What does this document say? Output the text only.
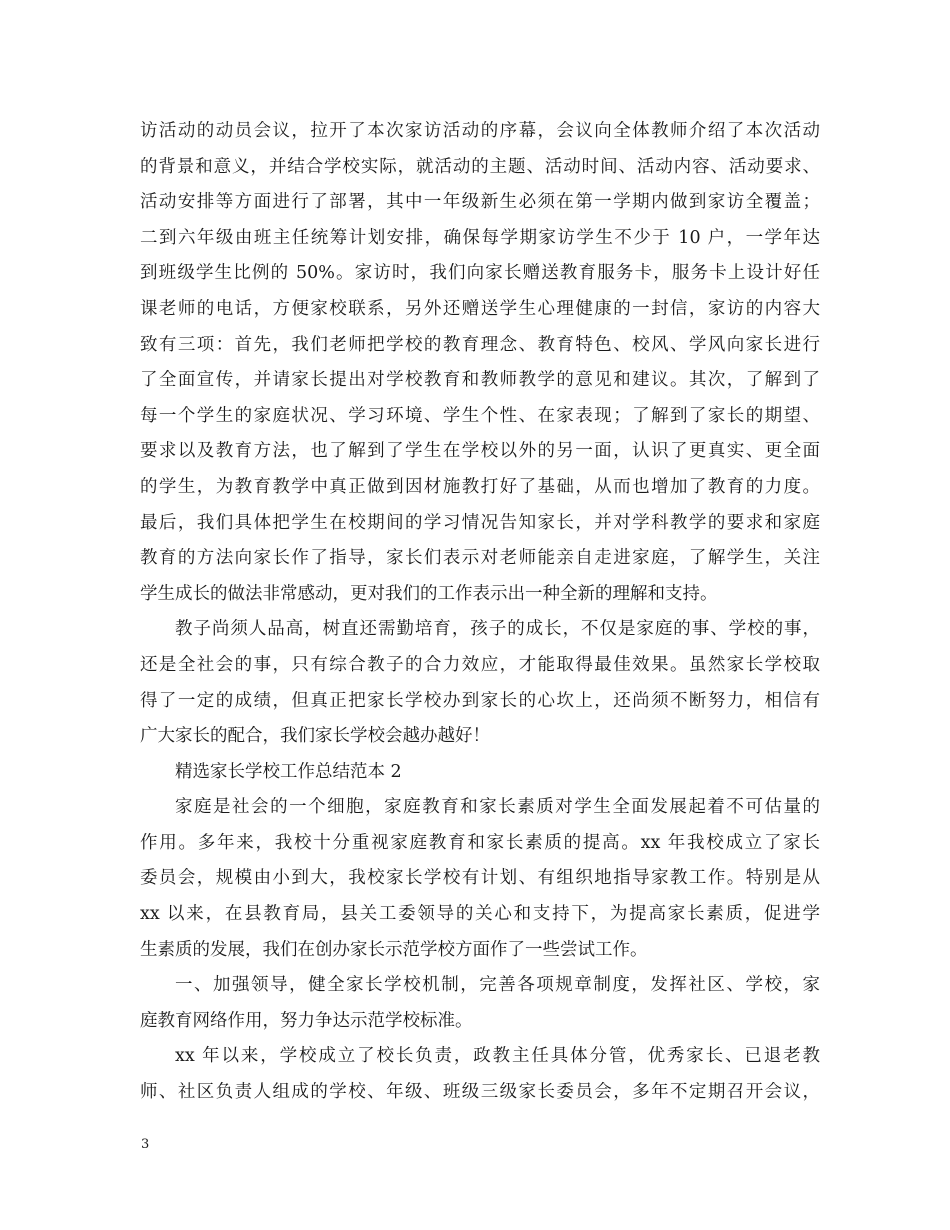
访活动的动员会议，拉开了本次家访活动的序幕，会议向全体教师介绍了本次活动
的背景和意义，并结合学校实际，就活动的主题、活动时间、活动内容、活动要求、
活动安排等方面进行了部署，其中一年级新生必须在第一学期内做到家访全覆盖；
二到六年级由班主任统筹计划安排，确保每学期家访学生不少于 10 户，一学年达
到班级学生比例的 50%。家访时，我们向家长赠送教育服务卡，服务卡上设计好任
课老师的电话，方便家校联系，另外还赠送学生心理健康的一封信，家访的内容大
致有三项：首先，我们老师把学校的教育理念、教育特色、校风、学风向家长进行
了全面宣传，并请家长提出对学校教育和教师教学的意见和建议。其次，了解到了
每一个学生的家庭状况、学习环境、学生个性、在家表现；了解到了家长的期望、
要求以及教育方法，也了解到了学生在学校以外的另一面，认识了更真实、更全面
的学生，为教育教学中真正做到因材施教打好了基础，从而也增加了教育的力度。
最后，我们具体把学生在校期间的学习情况告知家长，并对学科教学的要求和家庭
教育的方法向家长作了指导，家长们表示对老师能亲自走进家庭，了解学生，关注
学生成长的做法非常感动，更对我们的工作表示出一种全新的理解和支持。
教子尚须人品高，树直还需勤培育，孩子的成长，不仅是家庭的事、学校的事，
还是全社会的事，只有综合教子的合力效应，才能取得最佳效果。虽然家长学校取
得了一定的成绩，但真正把家长学校办到家长的心坎上，还尚须不断努力，相信有
广大家长的配合，我们家长学校会越办越好！
精选家长学校工作总结范本 2
家庭是社会的一个细胞，家庭教育和家长素质对学生全面发展起着不可估量的
作用。多年来，我校十分重视家庭教育和家长素质的提高。xx 年我校成立了家长
委员会，规模由小到大，我校家长学校有计划、有组织地指导家教工作。特别是从
xx 以来，在县教育局，县关工委领导的关心和支持下，为提高家长素质，促进学
生素质的发展，我们在创办家长示范学校方面作了一些尝试工作。
一、加强领导，健全家长学校机制，完善各项规章制度，发挥社区、学校，家
庭教育网络作用，努力争达示范学校标准。
xx 年以来，学校成立了校长负责，政教主任具体分管，优秀家长、已退老教
师、社区负责人组成的学校、年级、班级三级家长委员会，多年不定期召开会议，
3
